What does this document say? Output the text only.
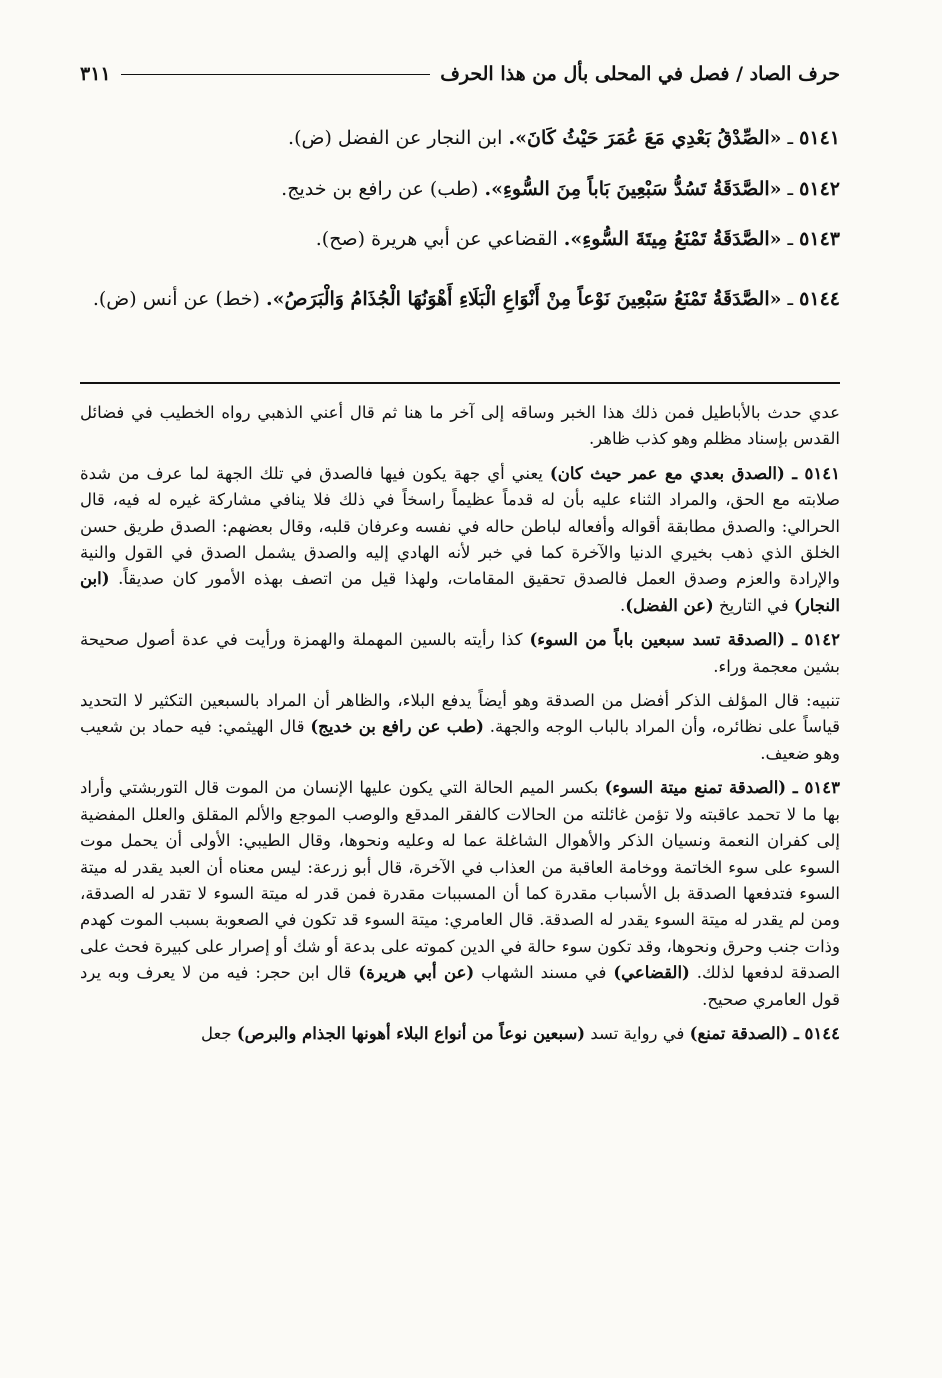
حرف الصاد / فصل في المحلى بأل من هذا الحرف
٣١١
٥١٤١ ـ «الصِّدْقُ بَعْدِي مَعَ عُمَرَ حَيْثُ كَانَ». ابن النجار عن الفضل (ض).
٥١٤٢ ـ «الصَّدَقَةُ تَسُدُّ سَبْعِينَ بَاباً مِنَ السُّوءِ». (طب) عن رافع بن خديج.
٥١٤٣ ـ «الصَّدَقَةُ تَمْنَعُ مِيتَةَ السُّوءِ». القضاعي عن أبي هريرة (صح).
٥١٤٤ ـ «الصَّدَقَةُ تَمْنَعُ سَبْعِينَ نَوْعاً مِنْ أَنْوَاعِ الْبَلَاءِ أَهْوَنُهَا الْجُذَامُ وَالْبَرَصُ». (خط) عن أنس (ض).

عدي حدث بالأباطيل فمن ذلك هذا الخبر وساقه إلى آخر ما هنا ثم قال أعني الذهبي رواه الخطيب في فضائل القدس بإسناد مظلم وهو كذب ظاهر.

٥١٤١ ـ (الصدق بعدي مع عمر حيث كان) يعني أي جهة يكون فيها فالصدق في تلك الجهة لما عرف من شدة صلابته مع الحق، والمراد الثناء عليه بأن له قدماً عظيماً راسخاً في ذلك فلا ينافي مشاركة غيره له فيه، قال الحرالي: والصدق مطابقة أقواله وأفعاله لباطن حاله في نفسه وعرفان قلبه، وقال بعضهم: الصدق طريق حسن الخلق الذي ذهب بخيري الدنيا والآخرة كما في خبر لأنه الهادي إليه والصدق يشمل الصدق في القول والنية والإرادة والعزم وصدق العمل فالصدق تحقيق المقامات، ولهذا قيل من اتصف بهذه الأمور كان صديقاً. (ابن النجار) في التاريخ (عن الفضل).

٥١٤٢ ـ (الصدقة تسد سبعين باباً من السوء) كذا رأيته بالسين المهملة والهمزة ورأيت في عدة أصول صحيحة بشين معجمة وراء.

تنبيه: قال المؤلف الذكر أفضل من الصدقة وهو أيضاً يدفع البلاء، والظاهر أن المراد بالسبعين التكثير لا التحديد قياساً على نظائره، وأن المراد بالباب الوجه والجهة. (طب عن رافع بن خديج) قال الهيثمي: فيه حماد بن شعيب وهو ضعيف.

٥١٤٣ ـ (الصدقة تمنع ميتة السوء) بكسر الميم الحالة التي يكون عليها الإنسان من الموت قال التوربشتي وأراد بها ما لا تحمد عاقبته ولا تؤمن غائلته من الحالات كالفقر المدقع والوصب الموجع والألم المقلق والعلل المفضية إلى كفران النعمة ونسيان الذكر والأهوال الشاغلة عما له وعليه ونحوها، وقال الطيبي: الأولى أن يحمل موت السوء على سوء الخاتمة ووخامة العاقبة من العذاب في الآخرة، قال أبو زرعة: ليس معناه أن العبد يقدر له ميتة السوء فتدفعها الصدقة بل الأسباب مقدرة كما أن المسببات مقدرة فمن قدر له ميتة السوء لا تقدر له الصدقة، ومن لم يقدر له ميتة السوء يقدر له الصدقة. قال العامري: ميتة السوء قد تكون في الصعوبة بسبب الموت كهدم وذات جنب وحرق ونحوها، وقد تكون سوء حالة في الدين كموته على بدعة أو شك أو إصرار على كبيرة فحث على الصدقة لدفعها لذلك. (القضاعي) في مسند الشهاب (عن أبي هريرة) قال ابن حجر: فيه من لا يعرف وبه يرد قول العامري صحيح.

٥١٤٤ ـ (الصدقة تمنع) في رواية تسد (سبعين نوعاً من أنواع البلاء أهونها الجذام والبرص) جعل
